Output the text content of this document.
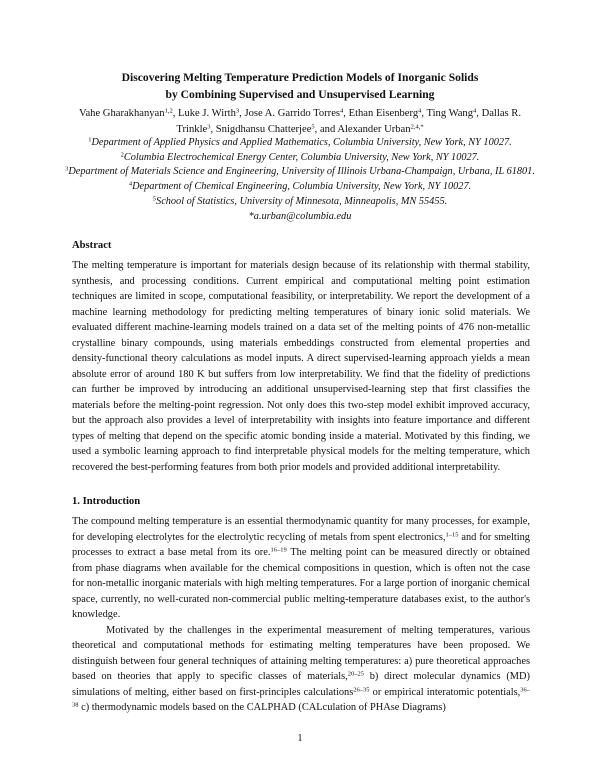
Discovering Melting Temperature Prediction Models of Inorganic Solids
by Combining Supervised and Unsupervised Learning
Vahe Gharakhanyan$^{1,2}$, Luke J. Wirth$^3$, Jose A. Garrido Torres$^4$, Ethan Eisenberg$^4$, Ting Wang$^4$, Dallas R. Trinkle$^3$, Snigdhansu Chatterjee$^5$, and Alexander Urban$^{2,4,*}$
$^1$Department of Applied Physics and Applied Mathematics, Columbia University, New York, NY 10027.
$^2$Columbia Electrochemical Energy Center, Columbia University, New York, NY 10027.
$^3$Department of Materials Science and Engineering, University of Illinois Urbana-Champaign, Urbana, IL 61801.
$^4$Department of Chemical Engineering, Columbia University, New York, NY 10027.
$^5$School of Statistics, University of Minnesota, Minneapolis, MN 55455.
*a.urban@columbia.edu
Abstract

The melting temperature is important for materials design because of its relationship with thermal stability, synthesis, and processing conditions. Current empirical and computational melting point estimation techniques are limited in scope, computational feasibility, or interpretability. We report the development of a machine learning methodology for predicting melting temperatures of binary ionic solid materials. We evaluated different machine-learning models trained on a data set of the melting points of 476 non-metallic crystalline binary compounds, using materials embeddings constructed from elemental properties and density-functional theory calculations as model inputs. A direct supervised-learning approach yields a mean absolute error of around 180 K but suffers from low interpretability. We find that the fidelity of predictions can further be improved by introducing an additional unsupervised-learning step that first classifies the materials before the melting-point regression. Not only does this two-step model exhibit improved accuracy, but the approach also provides a level of interpretability with insights into feature importance and different types of melting that depend on the specific atomic bonding inside a material. Motivated by this finding, we used a symbolic learning approach to find interpretable physical models for the melting temperature, which recovered the best-performing features from both prior models and provided additional interpretability.

1. Introduction

The compound melting temperature is an essential thermodynamic quantity for many processes, for example, for developing electrolytes for the electrolytic recycling of metals from spent electronics,$^{1-15}$ and for smelting processes to extract a base metal from its ore.$^{16-19}$ The melting point can be measured directly or obtained from phase diagrams when available for the chemical compositions in question, which is often not the case for non-metallic inorganic materials with high melting temperatures. For a large portion of inorganic chemical space, currently, no well-curated non-commercial public melting-temperature databases exist, to the author's knowledge.

Motivated by the challenges in the experimental measurement of melting temperatures, various theoretical and computational methods for estimating melting temperatures have been proposed. We distinguish between four general techniques of attaining melting temperatures: a) pure theoretical approaches based on theories that apply to specific classes of materials,$^{20-25}$ b) direct molecular dynamics (MD) simulations of melting, either based on first-principles calculations$^{26-35}$ or empirical interatomic potentials,$^{36-38}$ c) thermodynamic models based on the CALPHAD (CALculation of PHAse Diagrams)

1
